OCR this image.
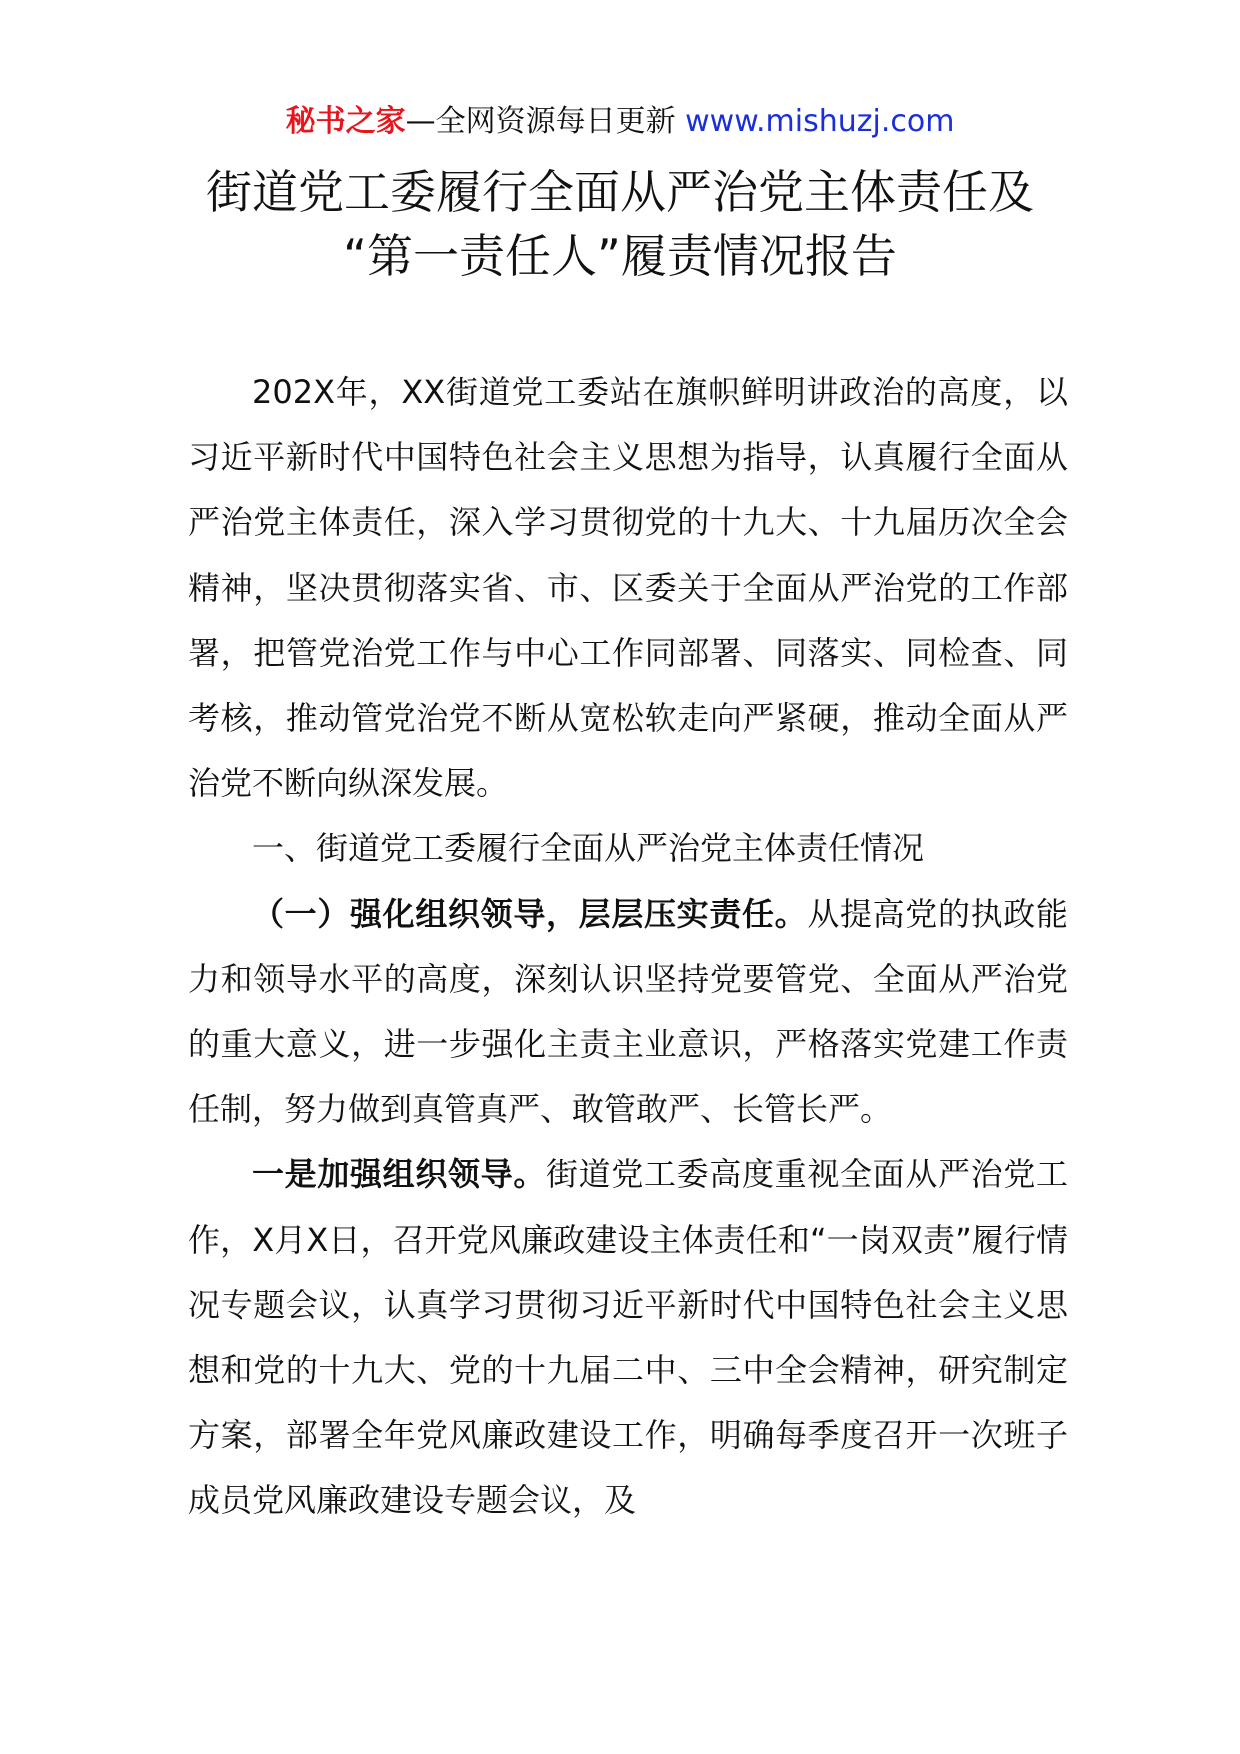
秘书之家—全网资源每日更新 www.mishuzj.com
街道党工委履行全面从严治党主体责任及
“第一责任人”履责情况报告

202X年，XX街道党工委站在旗帜鲜明讲政治的高度，以习近平新时代中国特色社会主义思想为指导，认真履行全面从严治党主体责任，深入学习贯彻党的十九大、十九届历次全会精神，坚决贯彻落实省、市、区委关于全面从严治党的工作部署，把管党治党工作与中心工作同部署、同落实、同检查、同考核，推动管党治党不断从宽松软走向严紧硬，推动全面从严治党不断向纵深发展。

一、街道党工委履行全面从严治党主体责任情况

（一）强化组织领导，层层压实责任。从提高党的执政能力和领导水平的高度，深刻认识坚持党要管党、全面从严治党的重大意义，进一步强化主责主业意识，严格落实党建工作责任制，努力做到真管真严、敢管敢严、长管长严。

一是加强组织领导。街道党工委高度重视全面从严治党工作，X月X日，召开党风廉政建设主体责任和“一岗双责”履行情况专题会议，认真学习贯彻习近平新时代中国特色社会主义思想和党的十九大、党的十九届二中、三中全会精神，研究制定方案，部署全年党风廉政建设工作，明确每季度召开一次班子成员党风廉政建设专题会议，及
